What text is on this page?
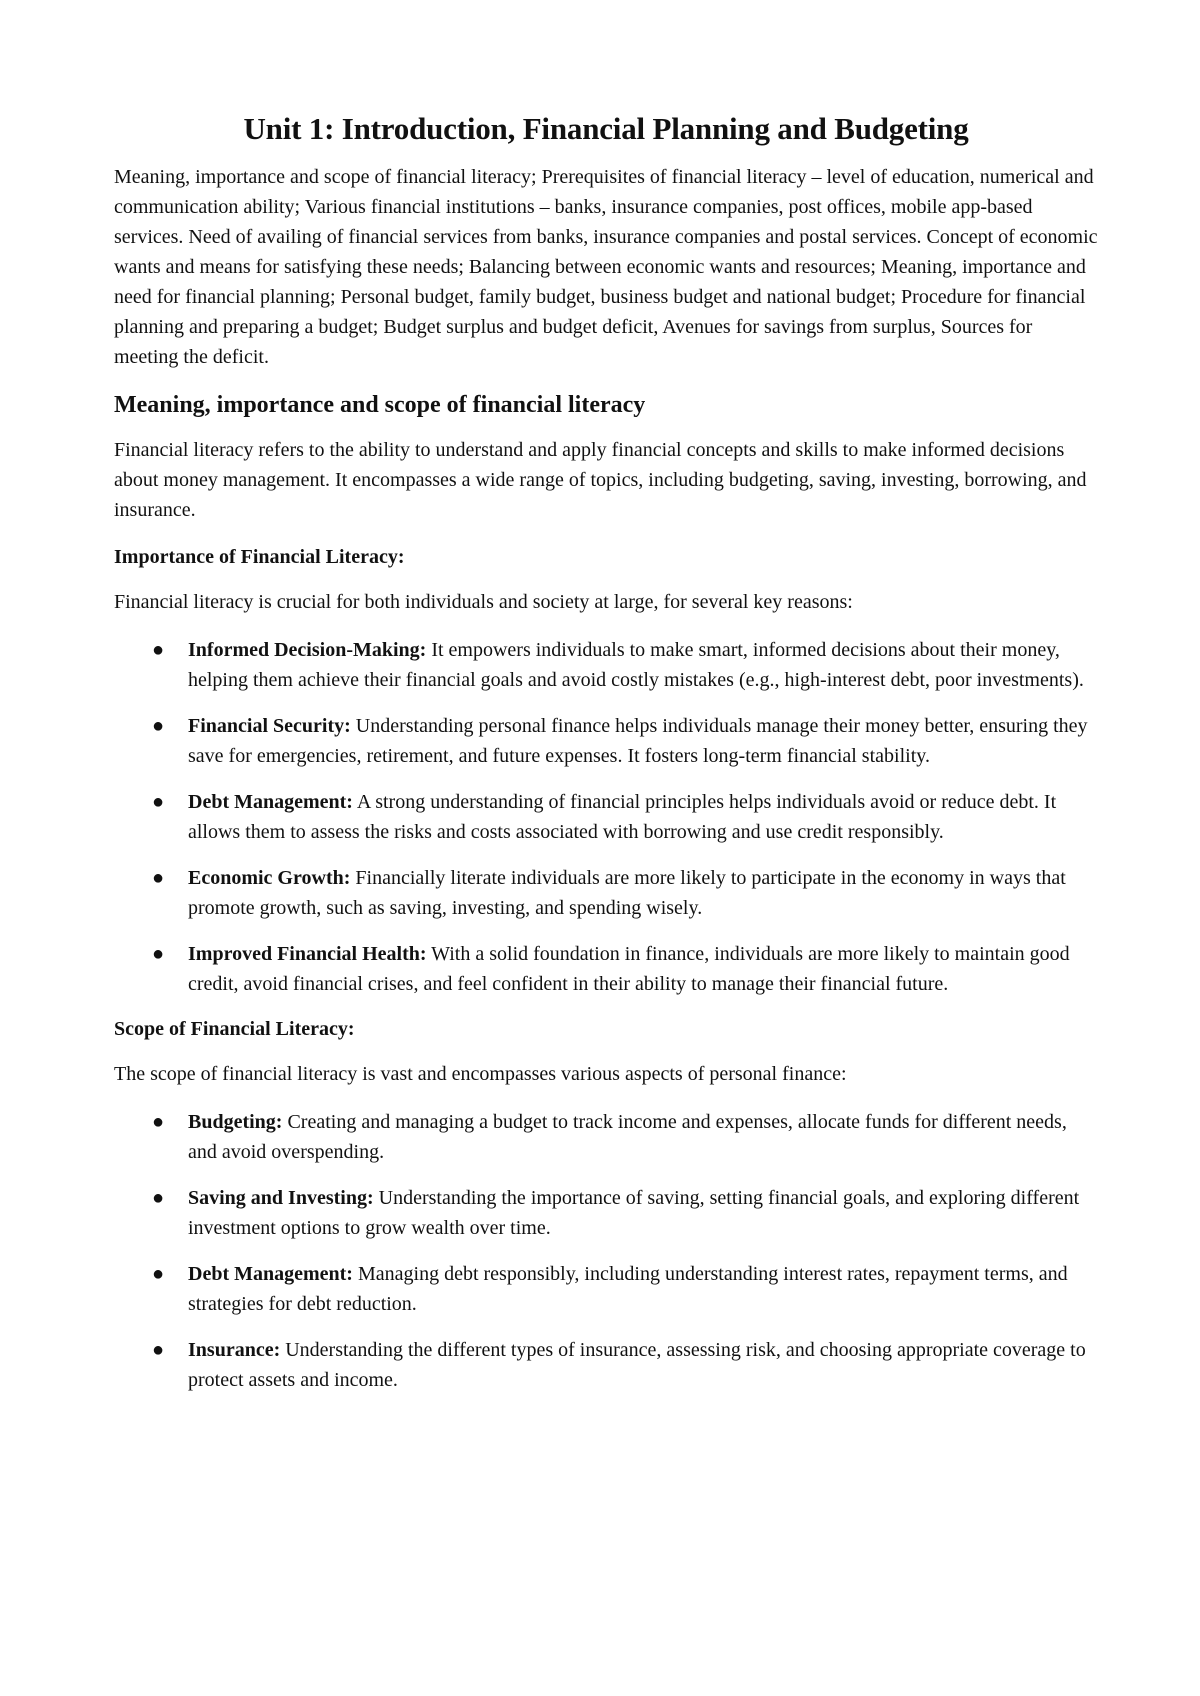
Unit 1: Introduction, Financial Planning and Budgeting

Meaning, importance and scope of financial literacy; Prerequisites of financial literacy – level of education, numerical and communication ability; Various financial institutions – banks, insurance companies, post offices, mobile app-based services. Need of availing of financial services from banks, insurance companies and postal services. Concept of economic wants and means for satisfying these needs; Balancing between economic wants and resources; Meaning, importance and need for financial planning; Personal budget, family budget, business budget and national budget; Procedure for financial planning and preparing a budget; Budget surplus and budget deficit, Avenues for savings from surplus, Sources for meeting the deficit.

Meaning, importance and scope of financial literacy

Financial literacy refers to the ability to understand and apply financial concepts and skills to make informed decisions about money management. It encompasses a wide range of topics, including budgeting, saving, investing, borrowing, and insurance.

Importance of Financial Literacy:

Financial literacy is crucial for both individuals and society at large, for several key reasons:

● Informed Decision-Making: It empowers individuals to make smart, informed decisions about their money, helping them achieve their financial goals and avoid costly mistakes (e.g., high-interest debt, poor investments).
● Financial Security: Understanding personal finance helps individuals manage their money better, ensuring they save for emergencies, retirement, and future expenses. It fosters long-term financial stability.
● Debt Management: A strong understanding of financial principles helps individuals avoid or reduce debt. It allows them to assess the risks and costs associated with borrowing and use credit responsibly.
● Economic Growth: Financially literate individuals are more likely to participate in the economy in ways that promote growth, such as saving, investing, and spending wisely.
● Improved Financial Health: With a solid foundation in finance, individuals are more likely to maintain good credit, avoid financial crises, and feel confident in their ability to manage their financial future.
Scope of Financial Literacy:

The scope of financial literacy is vast and encompasses various aspects of personal finance:

● Budgeting: Creating and managing a budget to track income and expenses, allocate funds for different needs, and avoid overspending.
● Saving and Investing: Understanding the importance of saving, setting financial goals, and exploring different investment options to grow wealth over time.
● Debt Management: Managing debt responsibly, including understanding interest rates, repayment terms, and strategies for debt reduction.
● Insurance: Understanding the different types of insurance, assessing risk, and choosing appropriate coverage to protect assets and income.
